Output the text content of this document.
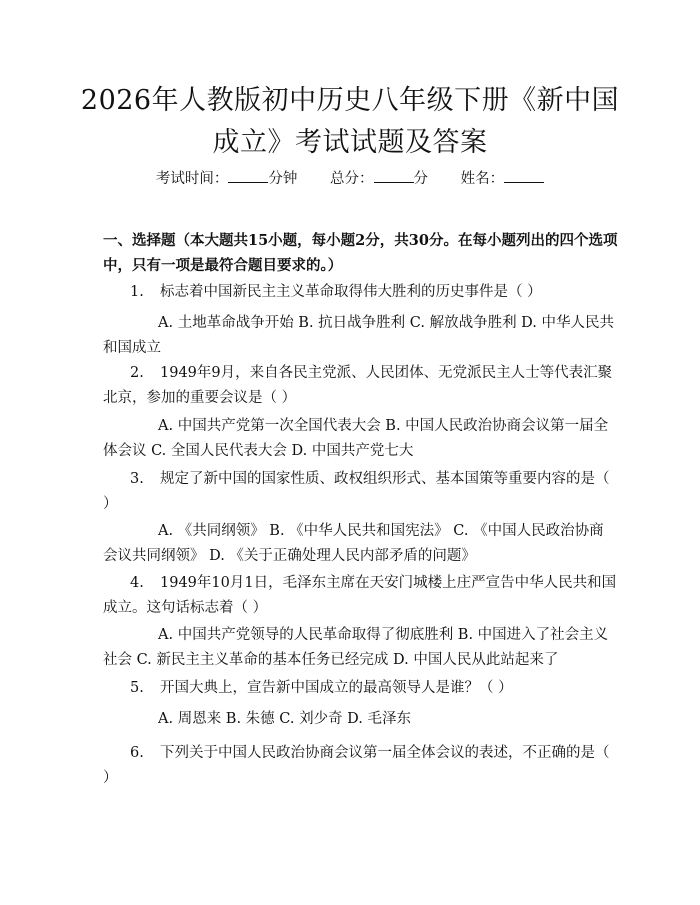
2026年人教版初中历史八年级下册《新中国成立》考试试题及答案
考试时间：	分钟 总分：	分 姓名：

一、选择题（本大题共15小题，每小题2分，共30分。在每小题列出的四个选项中，只有一项是最符合题目要求的。）

1. 标志着中国新民主主义革命取得伟大胜利的历史事件是（ ）

A. 土地革命战争开始 B. 抗日战争胜利 C. 解放战争胜利 D. 中华人民共和国成立

2. 1949年9月，来自各民主党派、人民团体、无党派民主人士等代表汇聚北京，参加的重要会议是（ ）

A. 中国共产党第一次全国代表大会 B. 中国人民政治协商会议第一届全体会议 C. 全国人民代表大会 D. 中国共产党七大

3. 规定了新中国的国家性质、政权组织形式、基本国策等重要内容的是（ ）

A. 《共同纲领》 B. 《中华人民共和国宪法》 C. 《中国人民政治协商会议共同纲领》 D. 《关于正确处理人民内部矛盾的问题》

4. 1949年10月1日，毛泽东主席在天安门城楼上庄严宣告中华人民共和国成立。这句话标志着（ ）

A. 中国共产党领导的人民革命取得了彻底胜利 B. 中国进入了社会主义社会 C. 新民主主义革命的基本任务已经完成 D. 中国人民从此站起来了

5. 开国大典上，宣告新中国成立的最高领导人是谁？（ ）

A. 周恩来 B. 朱德 C. 刘少奇 D. 毛泽东

6. 下列关于中国人民政治协商会议第一届全体会议的表述，不正确的是（ ）
